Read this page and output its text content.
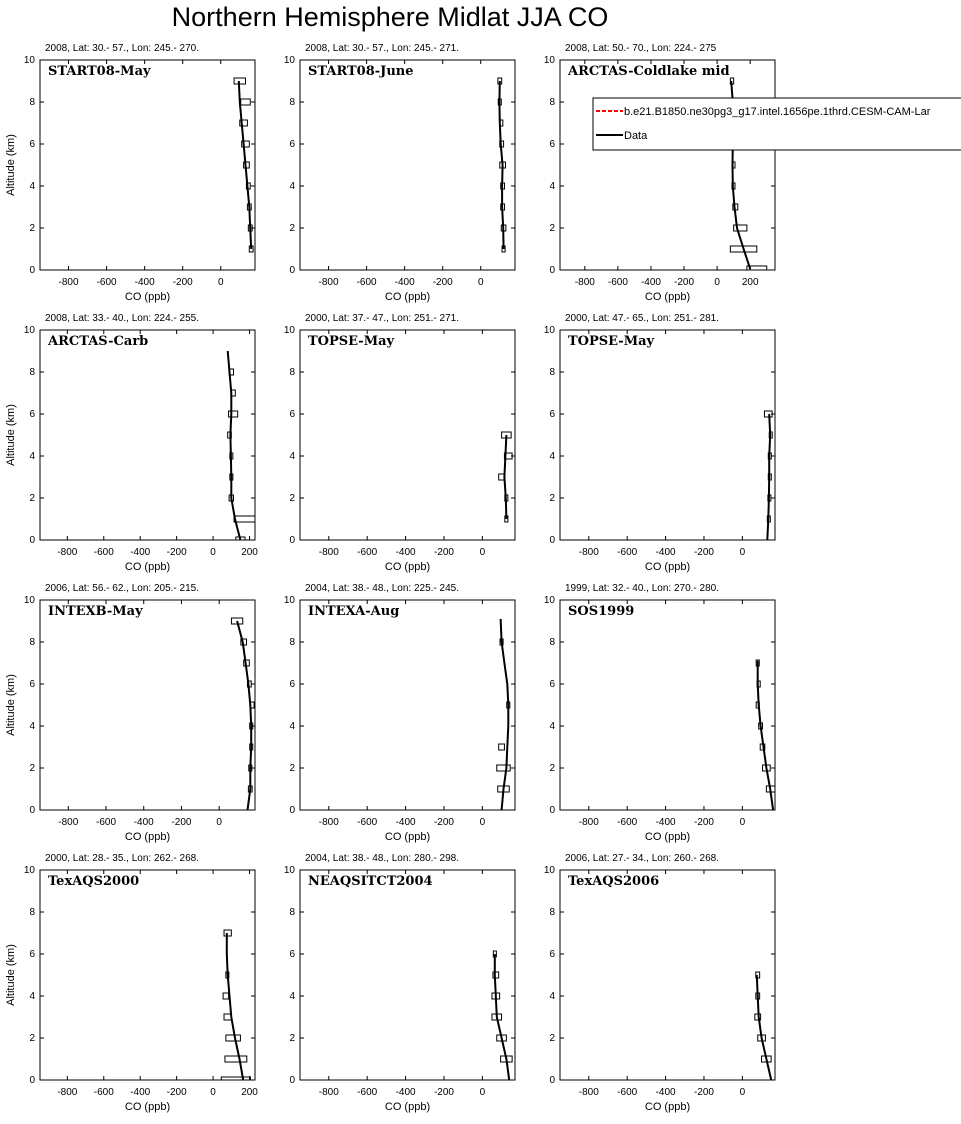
Northern Hemisphere Midlat JJA CO
2008, Lat: 30.- 57., Lon: 245.- 270.
START08-May
0
2
4
6
8
10
-800 -600 -400 -200	0
CO (ppb)
Altitude (km)
2008, Lat: 30.- 57., Lon: 245.- 271.
START08-June
0
2
4
6
8
10
-800 -600 -400 -200	0
CO (ppb)
2008, Lat: 50.- 70., Lon: 224.- 275
ARCTAS-Coldlake mid
0
2
4
6
8
10
-800 -600 -400 -200 0 200
CO (ppb)
2008, Lat: 33.- 40., Lon: 224.- 255.
ARCTAS-Carb
0
2
4
6
8
10
-800 -600 -400 -200 0	200
CO (ppb)
Altitude (km)
2000, Lat: 37.- 47., Lon: 251.- 271.
TOPSE-May
0
2
4
6
8
10
-800 -600 -400 -200	0
CO (ppb)
2000, Lat: 47.- 65., Lon: 251.- 281.
TOPSE-May
0
2
4
6
8
10
-800 -600 -400 -200	0
CO (ppb)
2006, Lat: 56.- 62., Lon: 205.- 215.
INTEXB-May
0
2
4
6
8
10
-800 -600 -400 -200 0
CO (ppb)
Altitude (km)
2004, Lat: 38.- 48., Lon: 225.- 245.
INTEXA-Aug
0
2
4
6
8
10
-800 -600 -400 -200	0
CO (ppb)
1999, Lat: 32.- 40., Lon: 270.- 280.
SOS1999
0
2
4
6
8
10
-800 -600 -400 -200	0
CO (ppb)
2000, Lat: 28.- 35., Lon: 262.- 268.
TexAQS2000
0
2
4
6
8
10
-800 -600 -400 -200 0	200
CO (ppb)
Altitude (km)
2004, Lat: 38.- 48., Lon: 280.- 298.
NEAQSITCT2004
0
2
4
6
8
10
-800 -600 -400 -200	0
CO (ppb)
2006, Lat: 27.- 34., Lon: 260.- 268.
TexAQS2006
0
2
4
6
8
10
-800 -600 -400 -200	0
CO (ppb)
b.e21.B1850.ne30pg3_g17.intel.1656pe.1thrd.CESM-CAM-Lar
Data
